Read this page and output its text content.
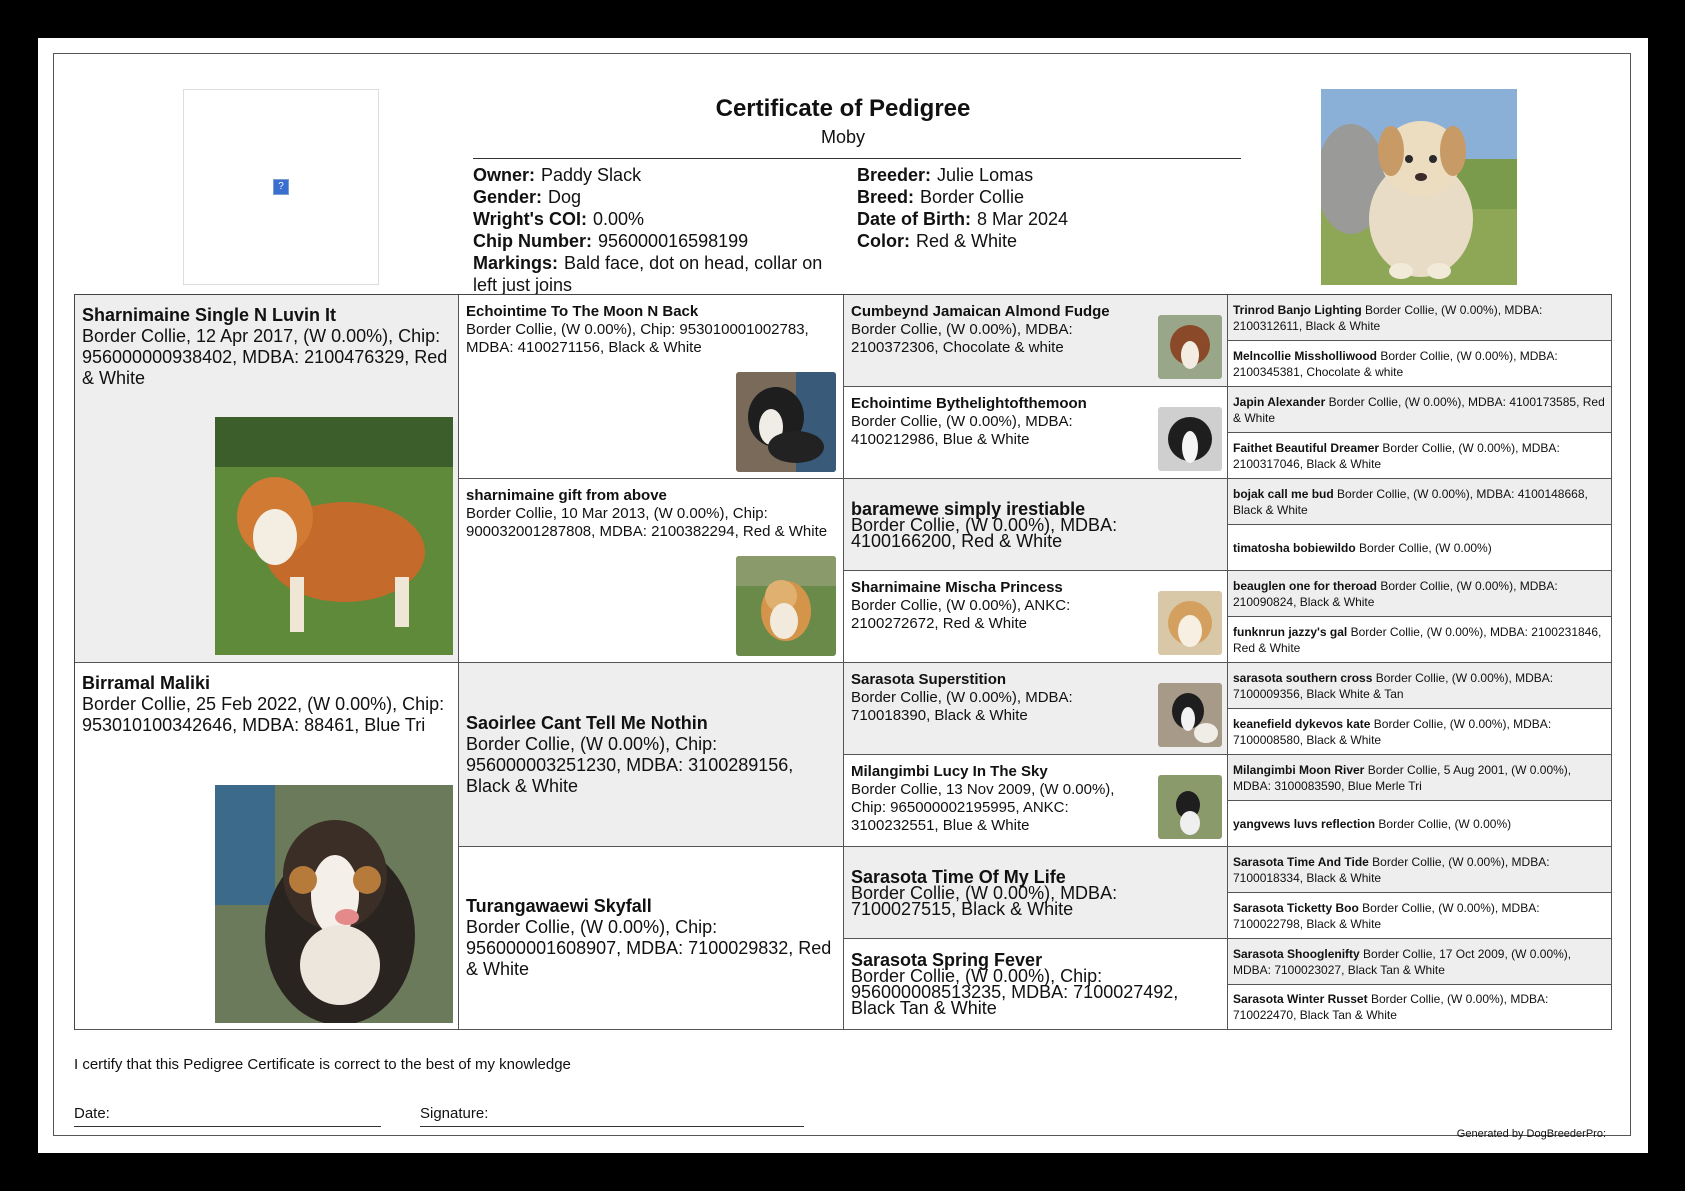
?
Certificate of Pedigree
Moby
Owner: Paddy Slack
Gender: Dog
Wright's COI: 0.00%
Chip Number: 956000016598199
Markings: Bald face, dot on head, collar on left just joins
Breeder: Julie Lomas
Breed: Border Collie
Date of Birth: 8 Mar 2024
Color: Red & White
Sharnimaine Single N Luvin It
Border Collie, 12 Apr 2017, (W 0.00%), Chip: 956000000938402, MDBA: 2100476329, Red & White
Birramal Maliki
Border Collie, 25 Feb 2022, (W 0.00%), Chip: 953010100342646, MDBA: 88461, Blue Tri
Echointime To The Moon N Back
Border Collie, (W 0.00%), Chip: 953010001002783, MDBA: 4100271156, Black & White
sharnimaine gift from above
Border Collie, 10 Mar 2013, (W 0.00%), Chip: 900032001287808, MDBA: 2100382294, Red & White
Saoirlee Cant Tell Me Nothin
Border Collie, (W 0.00%), Chip: 956000003251230, MDBA: 3100289156, Black & White
Turangawaewi Skyfall
Border Collie, (W 0.00%), Chip: 956000001608907, MDBA: 7100029832, Red & White
Cumbeynd Jamaican Almond Fudge
Border Collie, (W 0.00%), MDBA: 2100372306, Chocolate & white
Echointime Bythelightofthemoon
Border Collie, (W 0.00%), MDBA: 4100212986, Blue & White
baramewe simply irestiable
Border Collie, (W 0.00%), MDBA: 4100166200, Red & White
Sharnimaine Mischa Princess
Border Collie, (W 0.00%), ANKC: 2100272672, Red & White
Sarasota Superstition
Border Collie, (W 0.00%), MDBA: 710018390, Black & White
Milangimbi Lucy In The Sky
Border Collie, 13 Nov 2009, (W 0.00%), Chip: 965000002195995, ANKC: 3100232551, Blue & White
Sarasota Time Of My Life
Border Collie, (W 0.00%), MDBA: 7100027515, Black & White
Sarasota Spring Fever
Border Collie, (W 0.00%), Chip: 956000008513235, MDBA: 7100027492, Black Tan & White
Trinrod Banjo Lighting Border Collie, (W 0.00%), MDBA: 2100312611, Black & White
Melncollie Missholliwood Border Collie, (W 0.00%), MDBA: 2100345381, Chocolate & white
Japin Alexander Border Collie, (W 0.00%), MDBA: 4100173585, Red & White
Faithet Beautiful Dreamer Border Collie, (W 0.00%), MDBA: 2100317046, Black & White
bojak call me bud Border Collie, (W 0.00%), MDBA: 4100148668, Black & White
timatosha bobiewildo Border Collie, (W 0.00%)
beauglen one for theroad Border Collie, (W 0.00%), MDBA: 210090824, Black & White
funknrun jazzy's gal Border Collie, (W 0.00%), MDBA: 2100231846, Red & White
sarasota southern cross Border Collie, (W 0.00%), MDBA: 7100009356, Black White & Tan
keanefield dykevos kate Border Collie, (W 0.00%), MDBA: 7100008580, Black & White
Milangimbi Moon River Border Collie, 5 Aug 2001, (W 0.00%), MDBA: 3100083590, Blue Merle Tri
yangvews luvs reflection Border Collie, (W 0.00%)
Sarasota Time And Tide Border Collie, (W 0.00%), MDBA: 7100018334, Black & White
Sarasota Ticketty Boo Border Collie, (W 0.00%), MDBA: 7100022798, Black & White
Sarasota Shooglenifty Border Collie, 17 Oct 2009, (W 0.00%), MDBA: 7100023027, Black Tan & White
Sarasota Winter Russet Border Collie, (W 0.00%), MDBA: 710022470, Black Tan & White
I certify that this Pedigree Certificate is correct to the best of my knowledge
Date:	Signature:
Generated by DogBreederPro:
